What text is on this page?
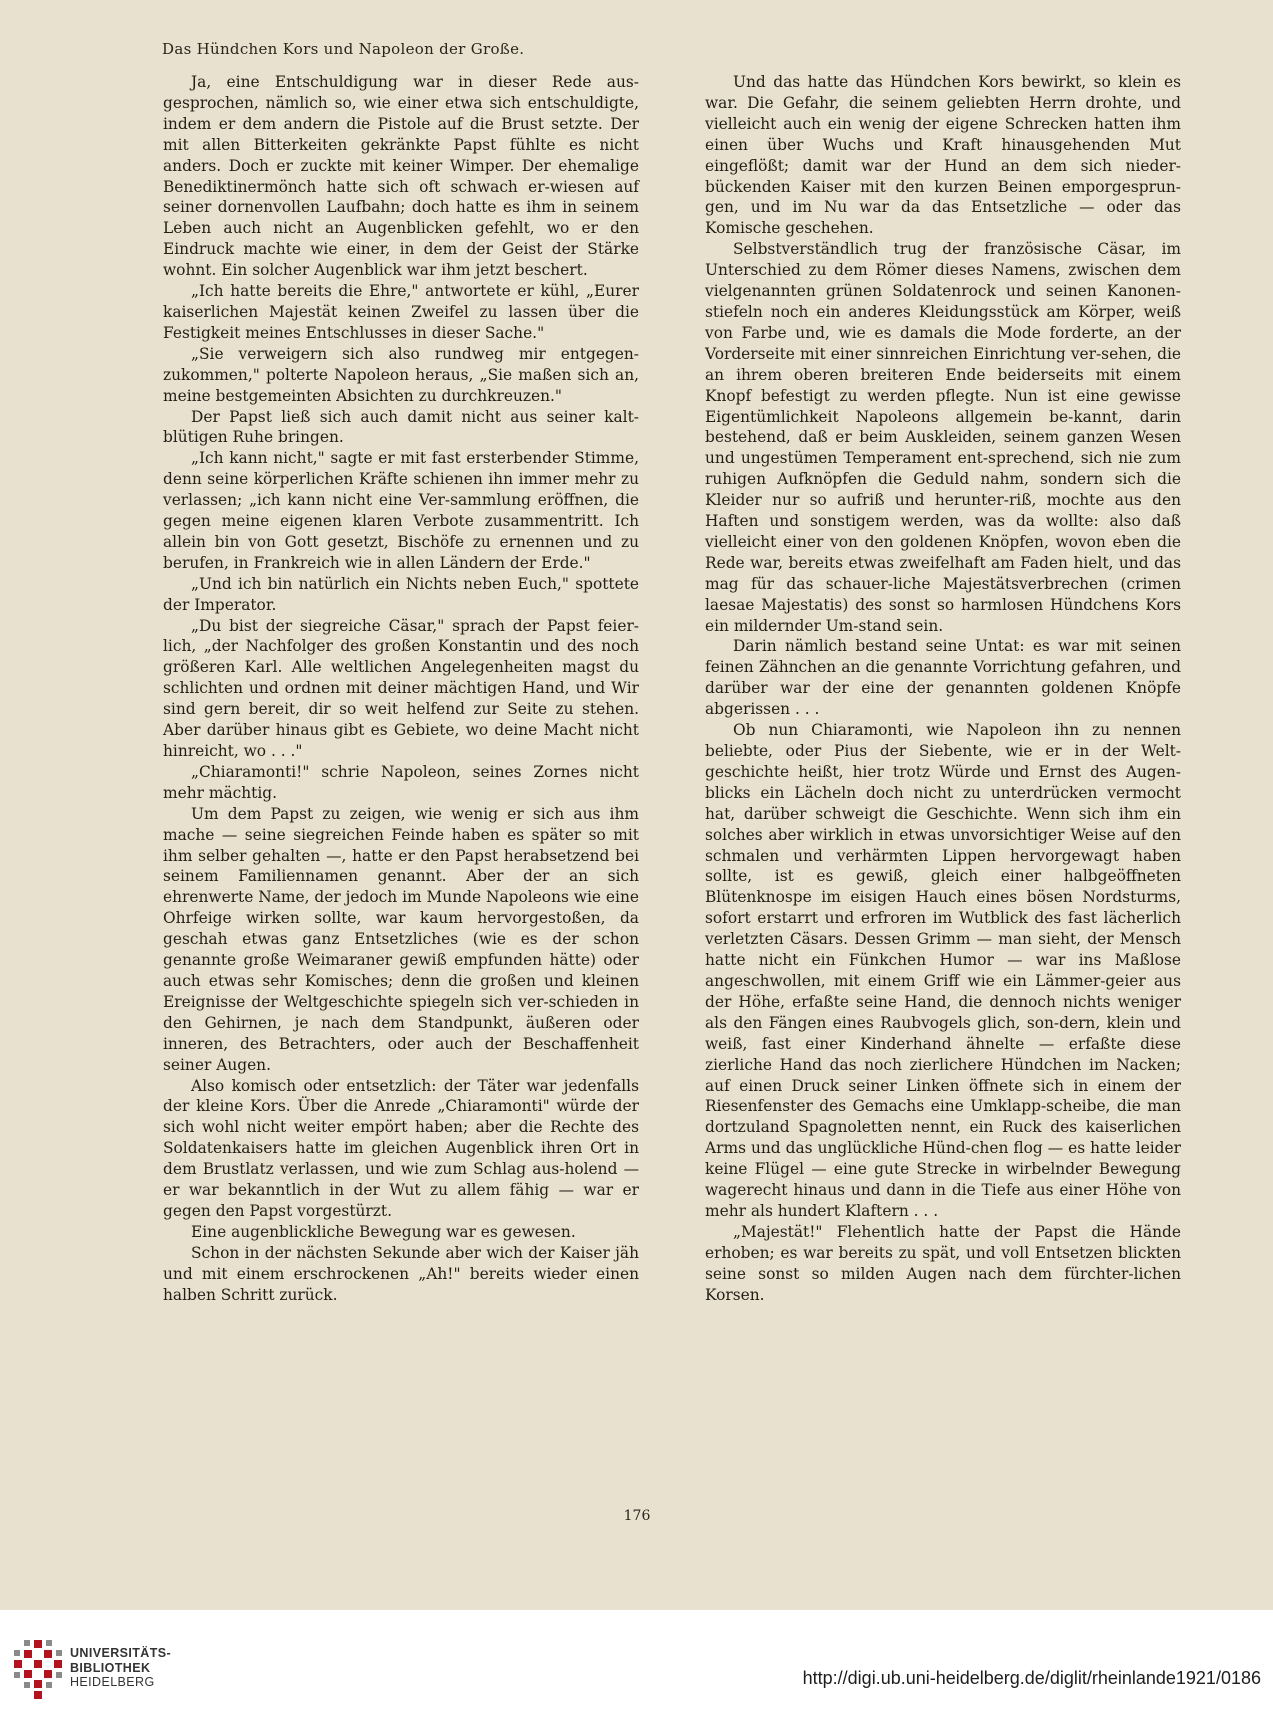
Das Hündchen Kors und Napoleon der Große.

Ja, eine Entschuldigung war in dieser Rede aus-gesprochen, nämlich so, wie einer etwa sich entschuldigte, indem er dem andern die Pistole auf die Brust setzte. Der mit allen Bitterkeiten gekränkte Papst fühlte es nicht anders. Doch er zuckte mit keiner Wimper. Der ehemalige Benediktinermönch hatte sich oft schwach er-wiesen auf seiner dornenvollen Laufbahn; doch hatte es ihm in seinem Leben auch nicht an Augenblicken gefehlt, wo er den Eindruck machte wie einer, in dem der Geist der Stärke wohnt. Ein solcher Augenblick war ihm jetzt beschert.

„Ich hatte bereits die Ehre," antwortete er kühl, „Eurer kaiserlichen Majestät keinen Zweifel zu lassen über die Festigkeit meines Entschlusses in dieser Sache."

„Sie verweigern sich also rundweg mir entgegen-zukommen," polterte Napoleon heraus, „Sie maßen sich an, meine bestgemeinten Absichten zu durchkreuzen."

Der Papst ließ sich auch damit nicht aus seiner kalt-blütigen Ruhe bringen.

„Ich kann nicht," sagte er mit fast ersterbender Stimme, denn seine körperlichen Kräfte schienen ihn immer mehr zu verlassen; „ich kann nicht eine Ver-sammlung eröffnen, die gegen meine eigenen klaren Verbote zusammentritt. Ich allein bin von Gott gesetzt, Bischöfe zu ernennen und zu berufen, in Frankreich wie in allen Ländern der Erde."

„Und ich bin natürlich ein Nichts neben Euch," spottete der Imperator.

„Du bist der siegreiche Cäsar," sprach der Papst feier-lich, „der Nachfolger des großen Konstantin und des noch größeren Karl. Alle weltlichen Angelegenheiten magst du schlichten und ordnen mit deiner mächtigen Hand, und Wir sind gern bereit, dir so weit helfend zur Seite zu stehen. Aber darüber hinaus gibt es Gebiete, wo deine Macht nicht hinreicht, wo . . ."

„Chiaramonti!" schrie Napoleon, seines Zornes nicht mehr mächtig.

Um dem Papst zu zeigen, wie wenig er sich aus ihm mache — seine siegreichen Feinde haben es später so mit ihm selber gehalten —, hatte er den Papst herabsetzend bei seinem Familiennamen genannt. Aber der an sich ehrenwerte Name, der jedoch im Munde Napoleons wie eine Ohrfeige wirken sollte, war kaum hervorgestoßen, da geschah etwas ganz Entsetzliches (wie es der schon genannte große Weimaraner gewiß empfunden hätte) oder auch etwas sehr Komisches; denn die großen und kleinen Ereignisse der Weltgeschichte spiegeln sich ver-schieden in den Gehirnen, je nach dem Standpunkt, äußeren oder inneren, des Betrachters, oder auch der Beschaffenheit seiner Augen.

Also komisch oder entsetzlich: der Täter war jedenfalls der kleine Kors. Über die Anrede „Chiaramonti" würde der sich wohl nicht weiter empört haben; aber die Rechte des Soldatenkaisers hatte im gleichen Augenblick ihren Ort in dem Brustlatz verlassen, und wie zum Schlag aus-holend — er war bekanntlich in der Wut zu allem fähig — war er gegen den Papst vorgestürzt.

Eine augenblickliche Bewegung war es gewesen.

Schon in der nächsten Sekunde aber wich der Kaiser jäh und mit einem erschrockenen „Ah!" bereits wieder einen halben Schritt zurück.

Und das hatte das Hündchen Kors bewirkt, so klein es war. Die Gefahr, die seinem geliebten Herrn drohte, und vielleicht auch ein wenig der eigene Schrecken hatten ihm einen über Wuchs und Kraft hinausgehenden Mut eingeflößt; damit war der Hund an dem sich nieder-bückenden Kaiser mit den kurzen Beinen emporgesprun-gen, und im Nu war da das Entsetzliche — oder das Komische geschehen.

Selbstverständlich trug der französische Cäsar, im Unterschied zu dem Römer dieses Namens, zwischen dem vielgenannten grünen Soldatenrock und seinen Kanonen-stiefeln noch ein anderes Kleidungsstück am Körper, weiß von Farbe und, wie es damals die Mode forderte, an der Vorderseite mit einer sinnreichen Einrichtung ver-sehen, die an ihrem oberen breiteren Ende beiderseits mit einem Knopf befestigt zu werden pflegte. Nun ist eine gewisse Eigentümlichkeit Napoleons allgemein be-kannt, darin bestehend, daß er beim Auskleiden, seinem ganzen Wesen und ungestümen Temperament ent-sprechend, sich nie zum ruhigen Aufknöpfen die Geduld nahm, sondern sich die Kleider nur so aufriß und herunter-riß, mochte aus den Haften und sonstigem werden, was da wollte: also daß vielleicht einer von den goldenen Knöpfen, wovon eben die Rede war, bereits etwas zweifelhaft am Faden hielt, und das mag für das schauer-liche Majestätsverbrechen (crimen laesae Majestatis) des sonst so harmlosen Hündchens Kors ein mildernder Um-stand sein.

Darin nämlich bestand seine Untat: es war mit seinen feinen Zähnchen an die genannte Vorrichtung gefahren, und darüber war der eine der genannten goldenen Knöpfe abgerissen . . .

Ob nun Chiaramonti, wie Napoleon ihn zu nennen beliebte, oder Pius der Siebente, wie er in der Welt-geschichte heißt, hier trotz Würde und Ernst des Augen-blicks ein Lächeln doch nicht zu unterdrücken vermocht hat, darüber schweigt die Geschichte. Wenn sich ihm ein solches aber wirklich in etwas unvorsichtiger Weise auf den schmalen und verhärmten Lippen hervorgewagt haben sollte, ist es gewiß, gleich einer halbgeöffneten Blütenknospe im eisigen Hauch eines bösen Nordsturms, sofort erstarrt und erfroren im Wutblick des fast lächerlich verletzten Cäsars. Dessen Grimm — man sieht, der Mensch hatte nicht ein Fünkchen Humor — war ins Maßlose angeschwollen, mit einem Griff wie ein Lämmer-geier aus der Höhe, erfaßte seine Hand, die dennoch nichts weniger als den Fängen eines Raubvogels glich, son-dern, klein und weiß, fast einer Kinderhand ähnelte — erfaßte diese zierliche Hand das noch zierlichere Hündchen im Nacken; auf einen Druck seiner Linken öffnete sich in einem der Riesenfenster des Gemachs eine Umklapp-scheibe, die man dortzuland Spagnoletten nennt, ein Ruck des kaiserlichen Arms und das unglückliche Hünd-chen flog — es hatte leider keine Flügel — eine gute Strecke in wirbelnder Bewegung wagerecht hinaus und dann in die Tiefe aus einer Höhe von mehr als hundert Klaftern . . .

„Majestät!" Flehentlich hatte der Papst die Hände erhoben; es war bereits zu spät, und voll Entsetzen blickten seine sonst so milden Augen nach dem fürchter-lichen Korsen.

176
UNIVERSITÄTS-
BIBLIOTHEK
HEIDELBERG	http://digi.ub.uni-heidelberg.de/diglit/rheinlande1921/0186
